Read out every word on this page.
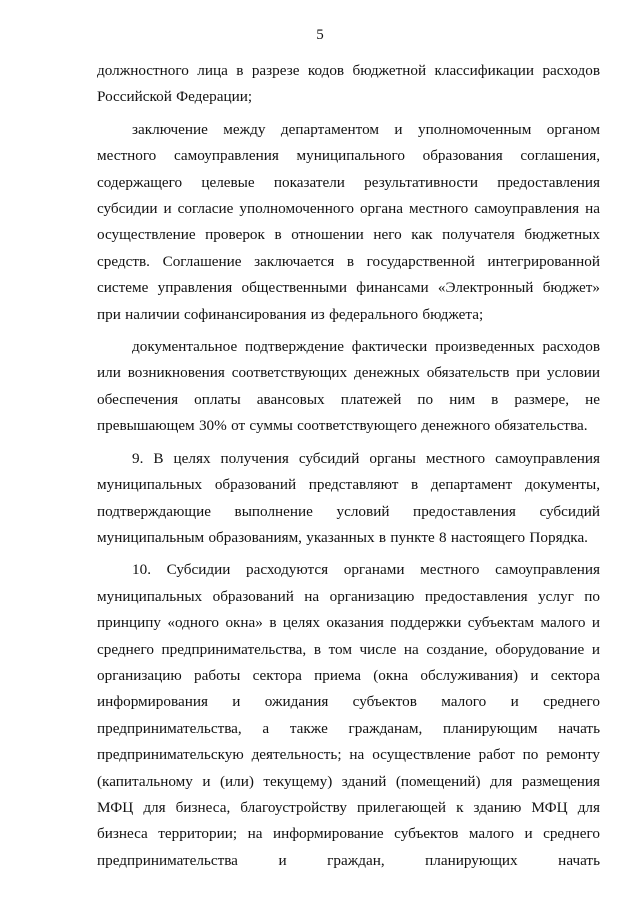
5

должностного лица в разрезе кодов бюджетной классификации расходов Российской Федерации;

заключение между департаментом и уполномоченным органом местного самоуправления муниципального образования соглашения, содержащего целевые показатели результативности предоставления субсидии и согласие уполномоченного органа местного самоуправления на осуществление проверок в отношении него как получателя бюджетных средств. Соглашение заключается в государственной интегрированной системе управления общественными финансами «Электронный бюджет» при наличии софинансирования из федерального бюджета;

документальное подтверждение фактически произведенных расходов или возникновения соответствующих денежных обязательств при условии обеспечения оплаты авансовых платежей по ним в размере, не превышающем 30% от суммы соответствующего денежного обязательства.

9. В целях получения субсидий органы местного самоуправления муниципальных образований представляют в департамент документы, подтверждающие выполнение условий предоставления субсидий муниципальным образованиям, указанных в пункте 8 настоящего Порядка.

10. Субсидии расходуются органами местного самоуправления муниципальных образований на организацию предоставления услуг по принципу «одного окна» в целях оказания поддержки субъектам малого и среднего предпринимательства, в том числе на создание, оборудование и организацию работы сектора приема (окна обслуживания) и сектора информирования и ожидания субъектов малого и среднего предпринимательства, а также гражданам, планирующим начать предпринимательскую деятельность; на осуществление работ по ремонту (капитальному и (или) текущему) зданий (помещений) для размещения МФЦ для бизнеса, благоустройству прилегающей к зданию МФЦ для бизнеса территории; на информирование субъектов малого и среднего предпринимательства и граждан, планирующих начать
